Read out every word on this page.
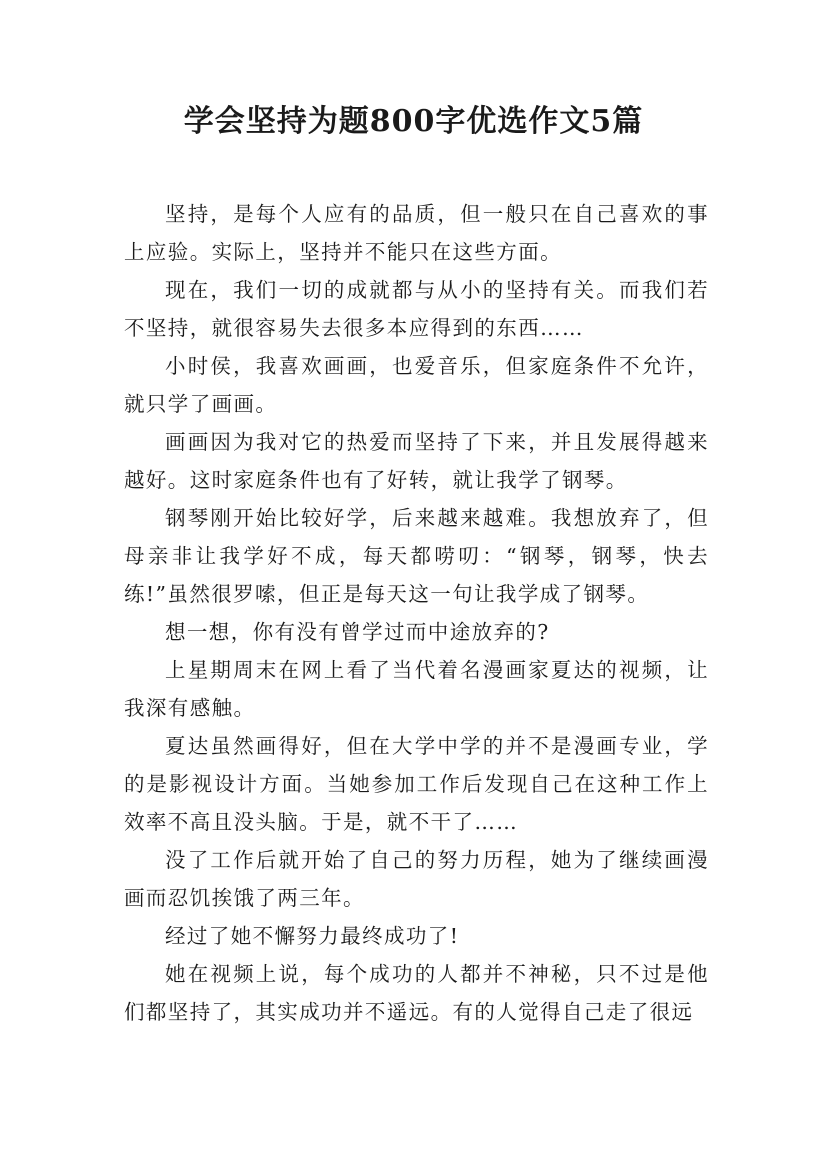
学会坚持为题800字优选作文5篇

坚持，是每个人应有的品质，但一般只在自己喜欢的事上应验。实际上，坚持并不能只在这些方面。

现在，我们一切的成就都与从小的坚持有关。而我们若不坚持，就很容易失去很多本应得到的东西……

小时侯，我喜欢画画，也爱音乐，但家庭条件不允许，就只学了画画。

画画因为我对它的热爱而坚持了下来，并且发展得越来越好。这时家庭条件也有了好转，就让我学了钢琴。

钢琴刚开始比较好学，后来越来越难。我想放弃了，但母亲非让我学好不成，每天都唠叨：“钢琴，钢琴，快去练!”虽然很罗嗦，但正是每天这一句让我学成了钢琴。

想一想，你有没有曾学过而中途放弃的?

上星期周末在网上看了当代着名漫画家夏达的视频，让我深有感触。

夏达虽然画得好，但在大学中学的并不是漫画专业，学的是影视设计方面。当她参加工作后发现自己在这种工作上效率不高且没头脑。于是，就不干了……

没了工作后就开始了自己的努力历程，她为了继续画漫画而忍饥挨饿了两三年。

经过了她不懈努力最终成功了!

她在视频上说，每个成功的人都并不神秘，只不过是他们都坚持了，其实成功并不遥远。有的人觉得自己走了很远
